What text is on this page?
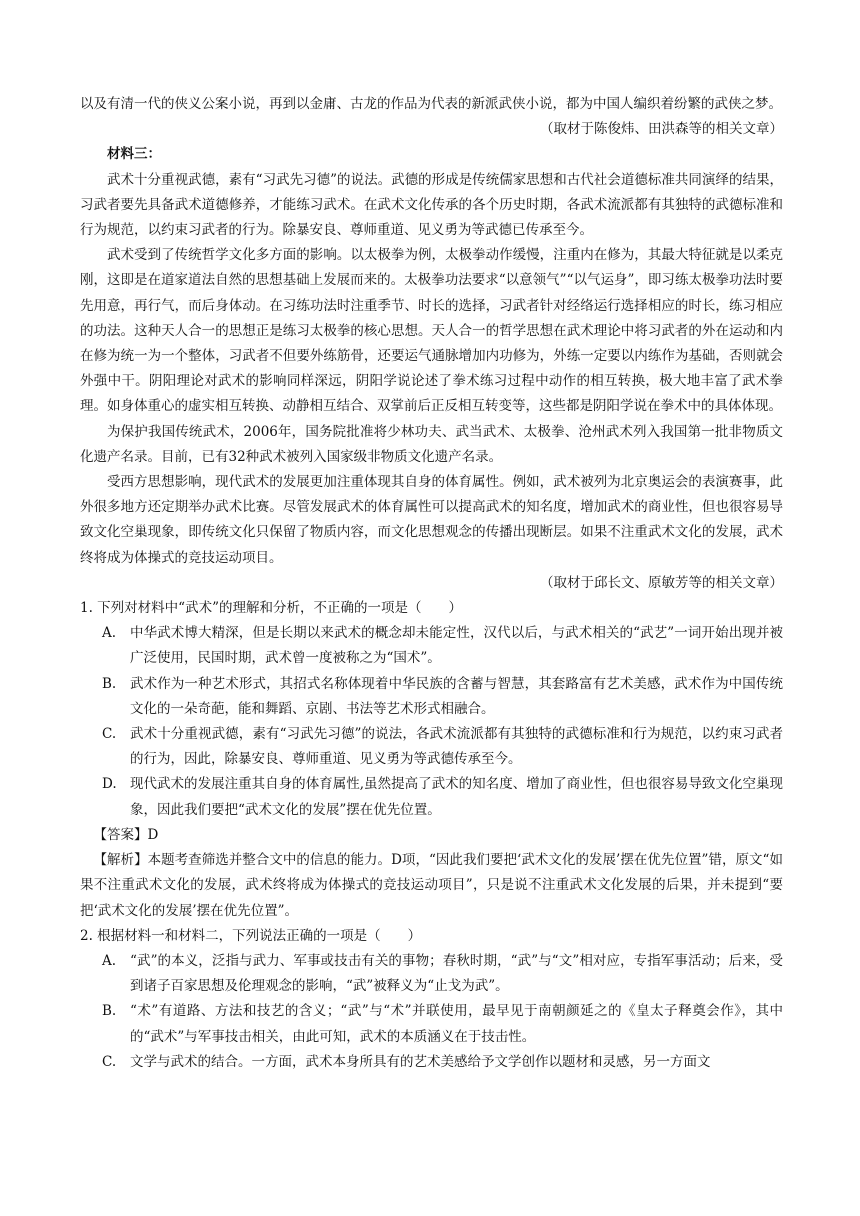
以及有清一代的侠义公案小说，再到以金庸、古龙的作品为代表的新派武侠小说，都为中国人编织着纷繁的武侠之梦。

（取材于陈俊炜、田洪森等的相关文章）

材料三：

武术十分重视武德，素有“习武先习德”的说法。武德的形成是传统儒家思想和古代社会道德标准共同演绎的结果，习武者要先具备武术道德修养，才能练习武术。在武术文化传承的各个历史时期，各武术流派都有其独特的武德标准和行为规范，以约束习武者的行为。除暴安良、尊师重道、见义勇为等武德已传承至今。

武术受到了传统哲学文化多方面的影响。以太极拳为例，太极拳动作缓慢，注重内在修为，其最大特征就是以柔克刚，这即是在道家道法自然的思想基础上发展而来的。太极拳功法要求“以意领气”“以气运身”，即习练太极拳功法时要先用意，再行气，而后身体动。在习练功法时注重季节、时长的选择，习武者针对经络运行选择相应的时长，练习相应的功法。这种天人合一的思想正是练习太极拳的核心思想。天人合一的哲学思想在武术理论中将习武者的外在运动和内在修为统一为一个整体，习武者不但要外练筋骨，还要运气通脉增加内功修为，外练一定要以内练作为基础，否则就会外强中干。阴阳理论对武术的影响同样深远，阴阳学说论述了拳术练习过程中动作的相互转换，极大地丰富了武术拳理。如身体重心的虚实相互转换、动静相互结合、双掌前后正反相互转变等，这些都是阴阳学说在拳术中的具体体现。

为保护我国传统武术，2006年，国务院批准将少林功夫、武当武术、太极拳、沧州武术列入我国第一批非物质文化遗产名录。目前，已有32种武术被列入国家级非物质文化遗产名录。

受西方思想影响，现代武术的发展更加注重体现其自身的体育属性。例如，武术被列为北京奥运会的表演赛事，此外很多地方还定期举办武术比赛。尽管发展武术的体育属性可以提高武术的知名度，增加武术的商业性，但也很容易导致文化空巢现象，即传统文化只保留了物质内容，而文化思想观念的传播出现断层。如果不注重武术文化的发展，武术终将成为体操式的竞技运动项目。

（取材于邱长文、原敏芳等的相关文章）

1. 下列对材料中“武术”的理解和分析，不正确的一项是（　　）

A.	中华武术博大精深，但是长期以来武术的概念却未能定性，汉代以后，与武术相关的“武艺”一词开始出现并被广泛使用，民国时期，武术曾一度被称之为“国术”。
B.	武术作为一种艺术形式，其招式名称体现着中华民族的含蓄与智慧，其套路富有艺术美感，武术作为中国传统文化的一朵奇葩，能和舞蹈、京剧、书法等艺术形式相融合。
C.	武术十分重视武德，素有“习武先习德”的说法，各武术流派都有其独特的武德标准和行为规范，以约束习武者的行为，因此，除暴安良、尊师重道、见义勇为等武德传承至今。
D. 现代武术的发展注重其自身的体育属性,虽然提高了武术的知名度、增加了商业性，但也很容易导致文化空巢现象，因此我们要把“武术文化的发展”摆在优先位置。

【答案】D

【解析】本题考查筛选并整合文中的信息的能力。D项，“因此我们要把‘武术文化的发展’摆在优先位置”错，原文“如果不注重武术文化的发展，武术终将成为体操式的竞技运动项目”，只是说不注重武术文化发展的后果，并未提到“要把‘武术文化的发展’摆在优先位置”。

2. 根据材料一和材料二，下列说法正确的一项是（　　）

A.	“武”的本义，泛指与武力、军事或技击有关的事物；春秋时期，“武”与“文”相对应，专指军事活动；后来，受到诸子百家思想及伦理观念的影响，“武”被释义为“止戈为武”。
B.	“术”有道路、方法和技艺的含义；“武”与“术”并联使用，最早见于南朝颜延之的《皇太子释奠会作》，其中的“武术”与军事技击相关，由此可知，武术的本质涵义在于技击性。
C.	文学与武术的结合。一方面，武术本身所具有的艺术美感给予文学创作以题材和灵感，另一方面文
